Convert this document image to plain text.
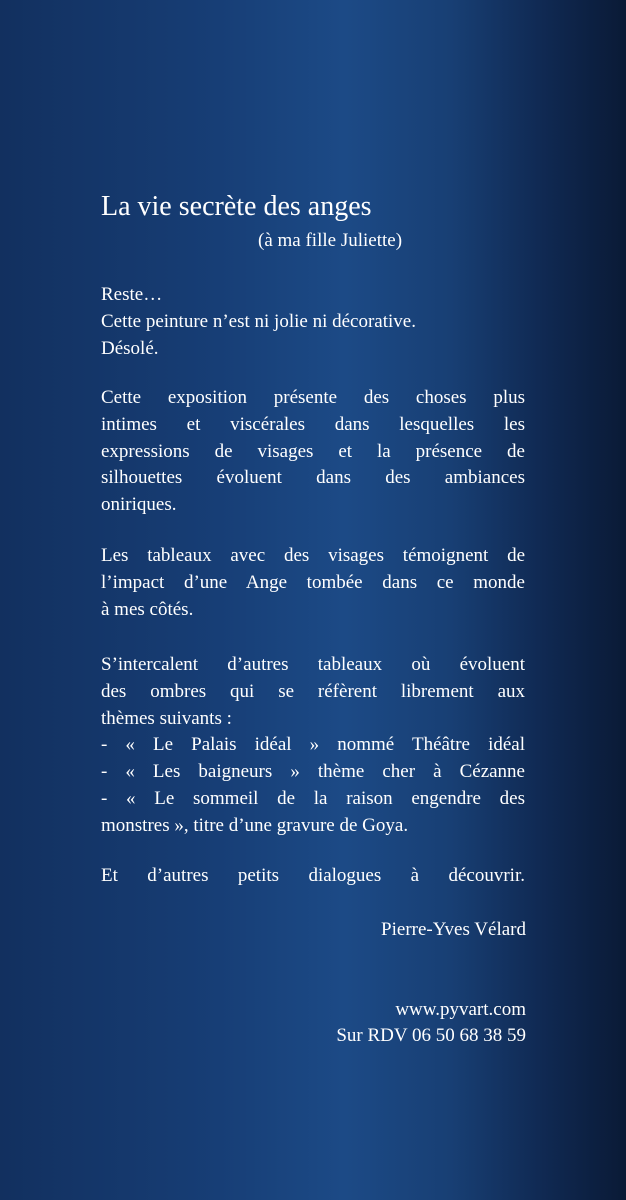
La vie secrète des anges
(à ma fille Juliette)
Reste…
Cette peinture n’est ni jolie ni décorative.
Désolé.
Cette exposition présente des choses plus
intimes et viscérales dans lesquelles les
expressions de visages et la présence de
silhouettes évoluent dans des ambiances
oniriques.
Les tableaux avec des visages témoignent de
l’impact d’une Ange tombée dans ce monde
à mes côtés.
S’intercalent d’autres tableaux où évoluent
des ombres qui se réfèrent librement aux
thèmes suivants :
- « Le Palais idéal » nommé Théâtre idéal
- « Les baigneurs » thème cher à Cézanne
- « Le sommeil de la raison engendre des
monstres », titre d’une gravure de Goya.
Et d’autres petits dialogues à découvrir.
Pierre-Yves Vélard
www.pyvart.com
Sur RDV 06 50 68 38 59
